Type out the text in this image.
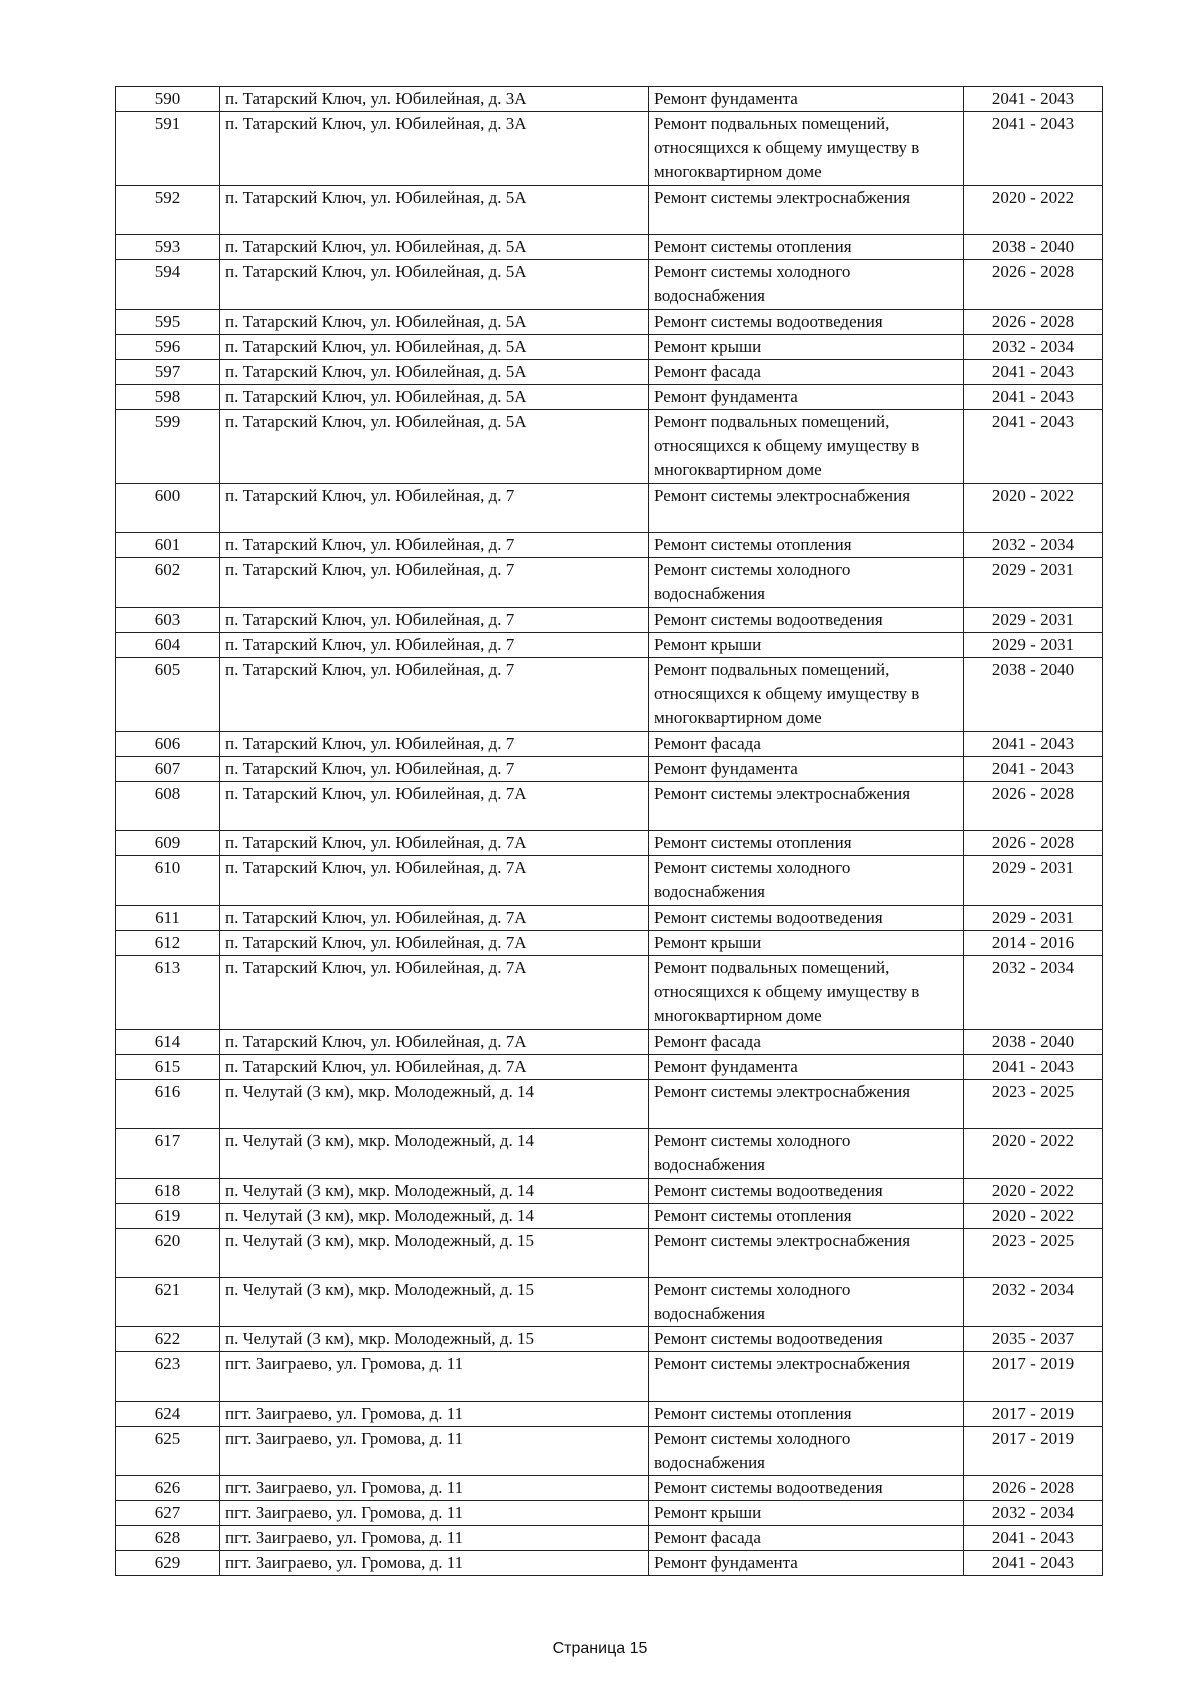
590	п. Татарский Ключ, ул. Юбилейная, д. 3А	Ремонт фундамента	2041 - 2043
591	п. Татарский Ключ, ул. Юбилейная, д. 3А	Ремонт подвальных помещений, относящихся к общему имуществу в многоквартирном доме	2041 - 2043
592	п. Татарский Ключ, ул. Юбилейная, д. 5А	Ремонт системы электроснабжения	2020 - 2022
593	п. Татарский Ключ, ул. Юбилейная, д. 5А	Ремонт системы отопления	2038 - 2040
594	п. Татарский Ключ, ул. Юбилейная, д. 5А	Ремонт системы холодного водоснабжения	2026 - 2028
595	п. Татарский Ключ, ул. Юбилейная, д. 5А	Ремонт системы водоотведения	2026 - 2028
596	п. Татарский Ключ, ул. Юбилейная, д. 5А	Ремонт крыши	2032 - 2034
597	п. Татарский Ключ, ул. Юбилейная, д. 5А	Ремонт фасада	2041 - 2043
598	п. Татарский Ключ, ул. Юбилейная, д. 5А	Ремонт фундамента	2041 - 2043
599	п. Татарский Ключ, ул. Юбилейная, д. 5А	Ремонт подвальных помещений, относящихся к общему имуществу в многоквартирном доме	2041 - 2043
600	п. Татарский Ключ, ул. Юбилейная, д. 7	Ремонт системы электроснабжения	2020 - 2022
601	п. Татарский Ключ, ул. Юбилейная, д. 7	Ремонт системы отопления	2032 - 2034
602	п. Татарский Ключ, ул. Юбилейная, д. 7	Ремонт системы холодного водоснабжения	2029 - 2031
603	п. Татарский Ключ, ул. Юбилейная, д. 7	Ремонт системы водоотведения	2029 - 2031
604	п. Татарский Ключ, ул. Юбилейная, д. 7	Ремонт крыши	2029 - 2031
605	п. Татарский Ключ, ул. Юбилейная, д. 7	Ремонт подвальных помещений, относящихся к общему имуществу в многоквартирном доме	2038 - 2040
606	п. Татарский Ключ, ул. Юбилейная, д. 7	Ремонт фасада	2041 - 2043
607	п. Татарский Ключ, ул. Юбилейная, д. 7	Ремонт фундамента	2041 - 2043
608	п. Татарский Ключ, ул. Юбилейная, д. 7А	Ремонт системы электроснабжения	2026 - 2028
609	п. Татарский Ключ, ул. Юбилейная, д. 7А	Ремонт системы отопления	2026 - 2028
610	п. Татарский Ключ, ул. Юбилейная, д. 7А	Ремонт системы холодного водоснабжения	2029 - 2031
611	п. Татарский Ключ, ул. Юбилейная, д. 7А	Ремонт системы водоотведения	2029 - 2031
612	п. Татарский Ключ, ул. Юбилейная, д. 7А	Ремонт крыши	2014 - 2016
613	п. Татарский Ключ, ул. Юбилейная, д. 7А	Ремонт подвальных помещений, относящихся к общему имуществу в многоквартирном доме	2032 - 2034
614	п. Татарский Ключ, ул. Юбилейная, д. 7А	Ремонт фасада	2038 - 2040
615	п. Татарский Ключ, ул. Юбилейная, д. 7А	Ремонт фундамента	2041 - 2043
616	п. Челутай (3 км), мкр. Молодежный, д. 14	Ремонт системы электроснабжения	2023 - 2025
617	п. Челутай (3 км), мкр. Молодежный, д. 14	Ремонт системы холодного водоснабжения	2020 - 2022
618	п. Челутай (3 км), мкр. Молодежный, д. 14	Ремонт системы водоотведения	2020 - 2022
619	п. Челутай (3 км), мкр. Молодежный, д. 14	Ремонт системы отопления	2020 - 2022
620	п. Челутай (3 км), мкр. Молодежный, д. 15	Ремонт системы электроснабжения	2023 - 2025
621	п. Челутай (3 км), мкр. Молодежный, д. 15	Ремонт системы холодного водоснабжения	2032 - 2034
622	п. Челутай (3 км), мкр. Молодежный, д. 15	Ремонт системы водоотведения	2035 - 2037
623	пгт. Заиграево, ул. Громова, д. 11	Ремонт системы электроснабжения	2017 - 2019
624	пгт. Заиграево, ул. Громова, д. 11	Ремонт системы отопления	2017 - 2019
625	пгт. Заиграево, ул. Громова, д. 11	Ремонт системы холодного водоснабжения	2017 - 2019
626	пгт. Заиграево, ул. Громова, д. 11	Ремонт системы водоотведения	2026 - 2028
627	пгт. Заиграево, ул. Громова, д. 11	Ремонт крыши	2032 - 2034
628	пгт. Заиграево, ул. Громова, д. 11	Ремонт фасада	2041 - 2043
629	пгт. Заиграево, ул. Громова, д. 11	Ремонт фундамента	2041 - 2043
Страница 15
